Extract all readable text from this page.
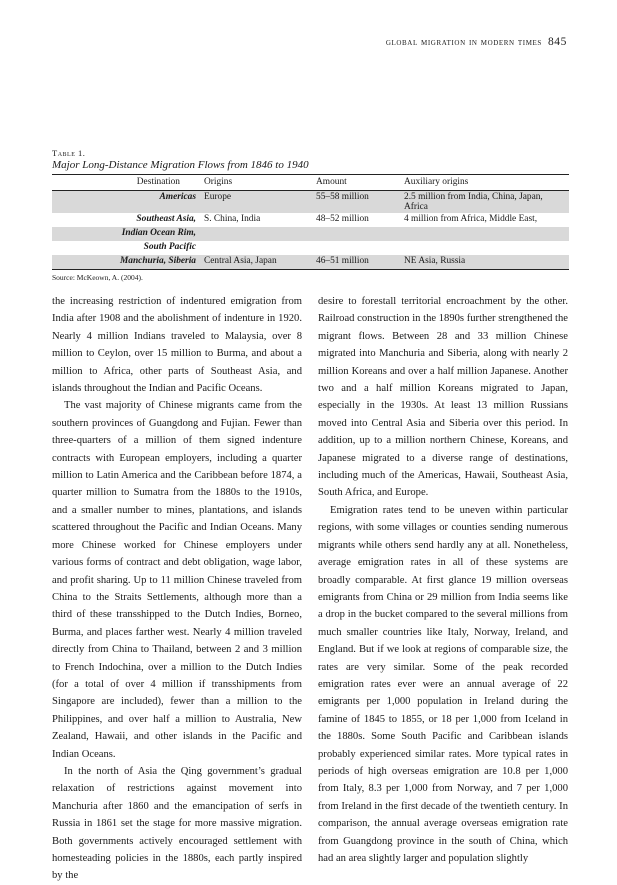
global migration in modern times 845
Table 1.
Major Long-Distance Migration Flows from 1846 to 1940
Destination	Origins	Amount	Auxiliary origins
Americas	Europe	55–58 million	2.5 million from India, China, Japan, Africa
Southeast Asia,	S. China, India	48–52 million	4 million from Africa, Middle East,
Indian Ocean Rim,			
South Pacific			
Manchuria, Siberia	Central Asia, Japan	46–51 million	NE Asia, Russia
Source: McKeown, A. (2004).

the increasing restriction of indentured emigration from India after 1908 and the abolishment of indenture in 1920. Nearly 4 million Indians traveled to Malaysia, over 8 million to Ceylon, over 15 million to Burma, and about a million to Africa, other parts of Southeast Asia, and islands throughout the Indian and Pacific Oceans.

The vast majority of Chinese migrants came from the southern provinces of Guangdong and Fujian. Fewer than three-quarters of a million of them signed indenture contracts with European employers, including a quarter million to Latin America and the Caribbean before 1874, a quarter million to Sumatra from the 1880s to the 1910s, and a smaller number to mines, plantations, and islands scattered throughout the Pacific and Indian Oceans. Many more Chinese worked for Chinese employers under various forms of contract and debt obligation, wage labor, and profit sharing. Up to 11 million Chinese traveled from China to the Straits Settlements, although more than a third of these transshipped to the Dutch Indies, Borneo, Burma, and places farther west. Nearly 4 million traveled directly from China to Thailand, between 2 and 3 million to French Indochina, over a million to the Dutch Indies (for a total of over 4 million if transshipments from Singapore are included), fewer than a million to the Philippines, and over half a million to Australia, New Zealand, Hawaii, and other islands in the Pacific and Indian Oceans.

In the north of Asia the Qing government’s gradual relaxation of restrictions against movement into Manchuria after 1860 and the emancipation of serfs in Russia in 1861 set the stage for more massive migration. Both governments actively encouraged settlement with homesteading policies in the 1880s, each partly inspired by the

desire to forestall territorial encroachment by the other. Railroad construction in the 1890s further strengthened the migrant flows. Between 28 and 33 million Chinese migrated into Manchuria and Siberia, along with nearly 2 million Koreans and over a half million Japanese. Another two and a half million Koreans migrated to Japan, especially in the 1930s. At least 13 million Russians moved into Central Asia and Siberia over this period. In addition, up to a million northern Chinese, Koreans, and Japanese migrated to a diverse range of destinations, including much of the Americas, Hawaii, Southeast Asia, South Africa, and Europe.

Emigration rates tend to be uneven within particular regions, with some villages or counties sending numerous migrants while others send hardly any at all. Nonetheless, average emigration rates in all of these systems are broadly comparable. At first glance 19 million overseas emigrants from China or 29 million from India seems like a drop in the bucket compared to the several millions from much smaller countries like Italy, Norway, Ireland, and England. But if we look at regions of comparable size, the rates are very similar. Some of the peak recorded emigration rates ever were an annual average of 22 emigrants per 1,000 population in Ireland during the famine of 1845 to 1855, or 18 per 1,000 from Iceland in the 1880s. Some South Pacific and Caribbean islands probably experienced similar rates. More typical rates in periods of high overseas emigration are 10.8 per 1,000 from Italy, 8.3 per 1,000 from Norway, and 7 per 1,000 from Ireland in the first decade of the twentieth century. In comparison, the annual average overseas emigration rate from Guangdong province in the south of China, which had an area slightly larger and population slightly
